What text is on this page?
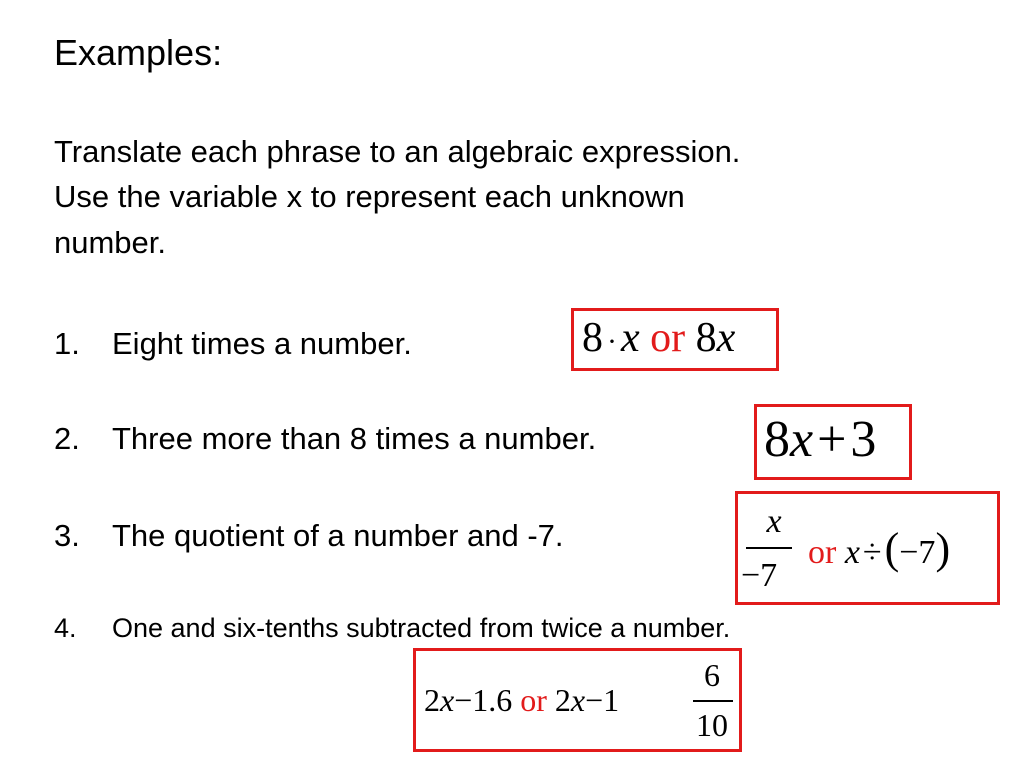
Examples:
Translate each phrase to an algebraic expression.
Use the variable x to represent each unknown
number.
1. Eight times a number.	8 ·x or 8x
2. Three more than 8 times a number.	8x+3
3. The quotient of a number and -7.	x
−7
or x÷(−7)
4. One and six-tenths subtracted from twice a number.
2x−1.6 or 2x−1
6
10
